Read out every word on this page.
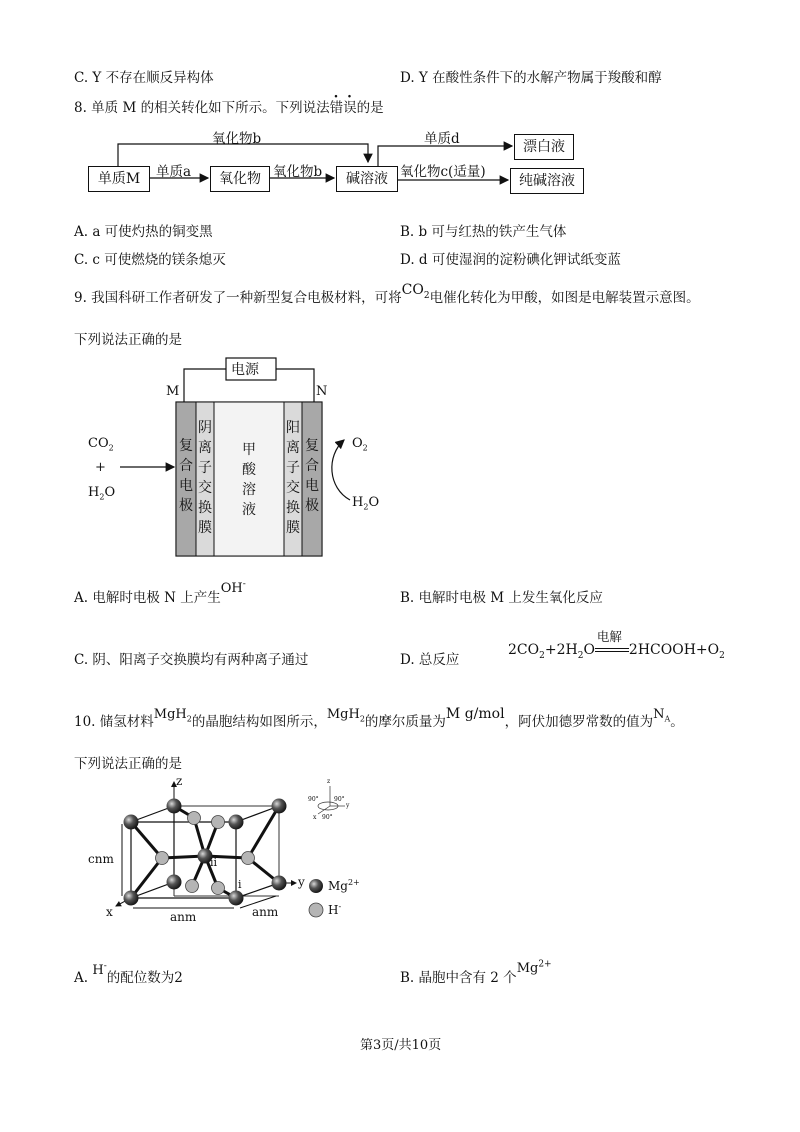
C. Y 不存在顺反异构体	D. Y 在酸性条件下的水解产物属于羧酸和醇
8. 单质 M 的相关转化如下所示。下列说法错误的是
单质M	氧化物	碱溶液
漂白液
纯碱溶液
氧化物b
单质a	氧化物b
单质d
氧化物c(适量)
A. a 可使灼热的铜变黑	B. b 可与红热的铁产生气体
C. c 可使燃烧的镁条熄灭	D. d 可使湿润的淀粉碘化钾试纸变蓝
9. 我国科研工作者研发了一种新型复合电极材料，可将$CO_2$电催化转化为甲酸，如图是电解装置示意图。
下列说法正确的是
电源
M	N
$CO_2$
+
$H_2O$
$O_2$
$H_2O$
复
合
电
极
阴
离
子
交
换
膜
甲
酸
溶
液
阳
离
子
交
换
膜
复
合
电
极
A. 电解时电极 N 上产生OH-
B. 电解时电极 M 上发生氧化反应
C. 阴、阳离子交换膜均有两种离子通过	D. 总反应
$2CO_2+2H_2O$
电解
$2HCOOH+O_2$
10. 储氢材料MgH$_2$的晶胞结构如图所示，MgH$_2$的摩尔质量为M g/mol，阿伏加德罗常数的值为$N_A$。
下列说法正确的是
z
x
y
ii
i
cnm
anm	anm
$Mg^{2+}$
H-
90°	90°
90°
z
x
y
A. H-的配位数为2	B. 晶胞中含有 2 个$Mg^{2+}$
第3页/共10页
